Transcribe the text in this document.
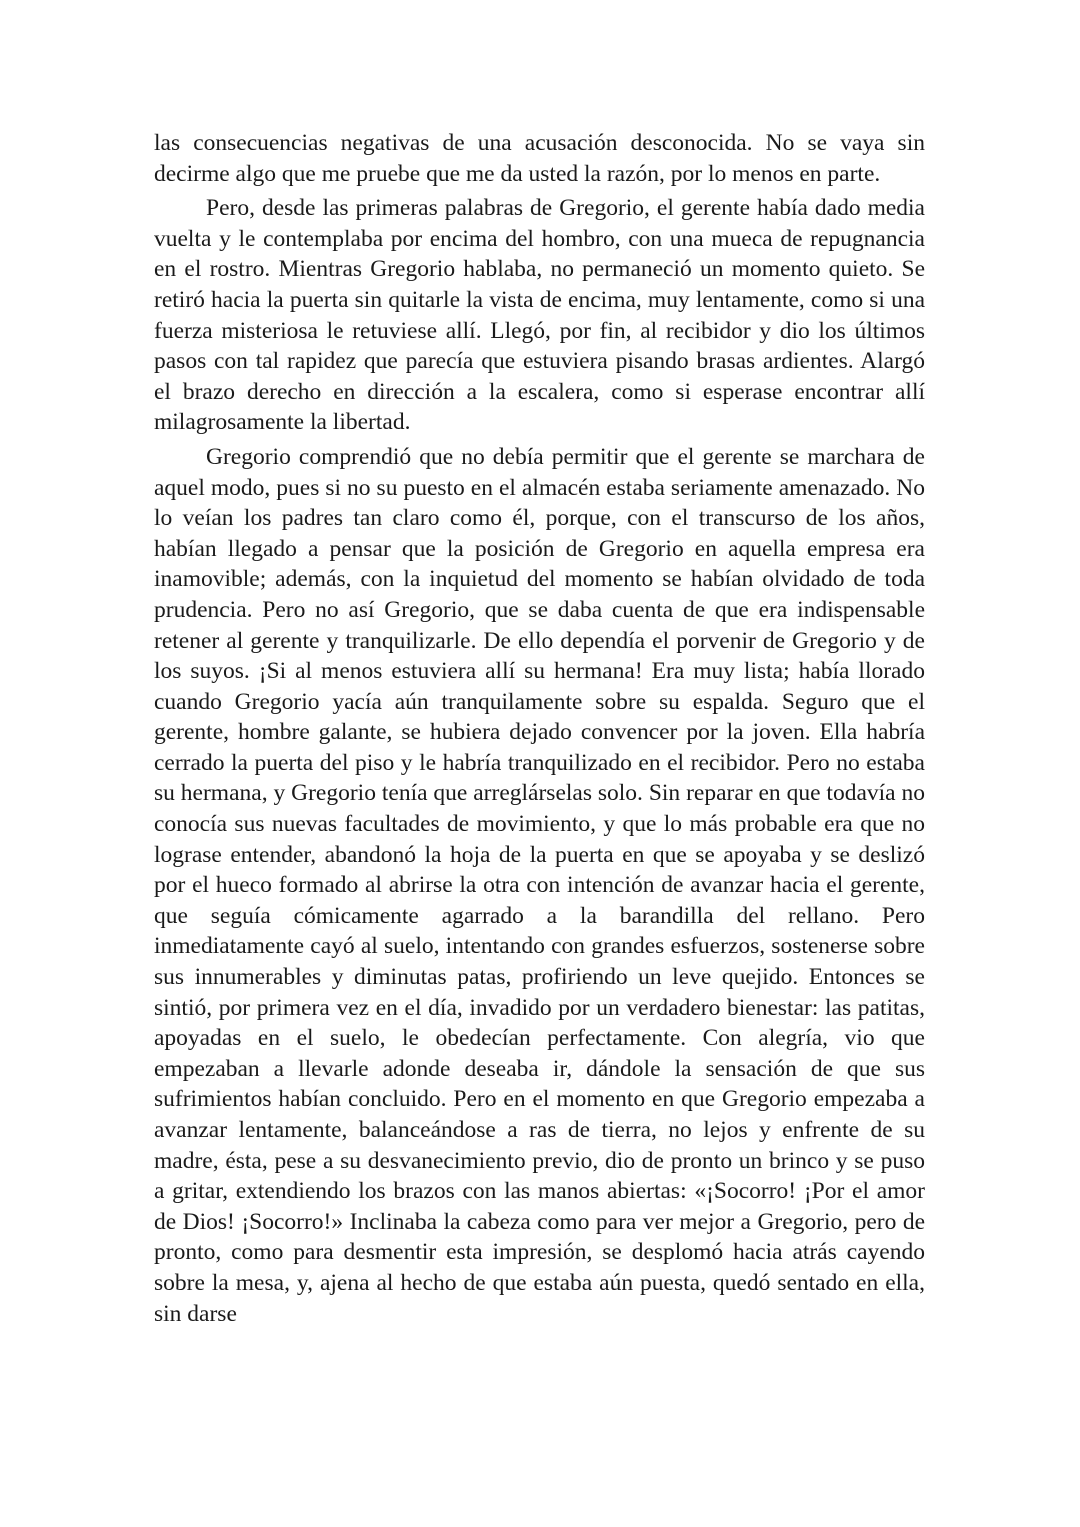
las consecuencias negativas de una acusación desconocida. No se vaya sin decirme algo que me pruebe que me da usted la razón, por lo menos en parte.

Pero, desde las primeras palabras de Gregorio, el gerente había dado media vuelta y le contemplaba por encima del hombro, con una mueca de repugnancia en el rostro. Mientras Gregorio hablaba, no permaneció un momento quieto. Se retiró hacia la puerta sin quitarle la vista de encima, muy lentamente, como si una fuerza misteriosa le retuviese allí. Llegó, por fin, al recibidor y dio los últimos pasos con tal rapidez que parecía que estuviera pisando brasas ardientes. Alargó el brazo derecho en dirección a la escalera, como si esperase encontrar allí milagrosamente la libertad.

Gregorio comprendió que no debía permitir que el gerente se marchara de aquel modo, pues si no su puesto en el almacén estaba seriamente amenazado. No lo veían los padres tan claro como él, porque, con el transcurso de los años, habían llegado a pensar que la posición de Gregorio en aquella empresa era inamovible; además, con la inquietud del momento se habían olvidado de toda prudencia. Pero no así Gregorio, que se daba cuenta de que era indispensable retener al gerente y tranquilizarle. De ello dependía el porvenir de Gregorio y de los suyos. ¡Si al menos estuviera allí su hermana! Era muy lista; había llorado cuando Gregorio yacía aún tranquilamente sobre su espalda. Seguro que el gerente, hombre galante, se hubiera dejado convencer por la joven. Ella habría cerrado la puerta del piso y le habría tranquilizado en el recibidor. Pero no estaba su hermana, y Gregorio tenía que arreglárselas solo. Sin reparar en que todavía no conocía sus nuevas facultades de movimiento, y que lo más probable era que no lograse entender, abandonó la hoja de la puerta en que se apoyaba y se deslizó por el hueco formado al abrirse la otra con intención de avanzar hacia el gerente, que seguía cómicamente agarrado a la barandilla del rellano. Pero inmediatamente cayó al suelo, intentando con grandes esfuerzos, sostenerse sobre sus innumerables y diminutas patas, profiriendo un leve quejido. Entonces se sintió, por primera vez en el día, invadido por un verdadero bienestar: las patitas, apoyadas en el suelo, le obedecían perfectamente. Con alegría, vio que empezaban a llevarle adonde deseaba ir, dándole la sensación de que sus sufrimientos habían concluido. Pero en el momento en que Gregorio empezaba a avanzar lentamente, balanceándose a ras de tierra, no lejos y enfrente de su madre, ésta, pese a su desvanecimiento previo, dio de pronto un brinco y se puso a gritar, extendiendo los brazos con las manos abiertas: «¡Socorro! ¡Por el amor de Dios! ¡Socorro!» Inclinaba la cabeza como para ver mejor a Gregorio, pero de pronto, como para desmentir esta impresión, se desplomó hacia atrás cayendo sobre la mesa, y, ajena al hecho de que estaba aún puesta, quedó sentado en ella, sin darse
